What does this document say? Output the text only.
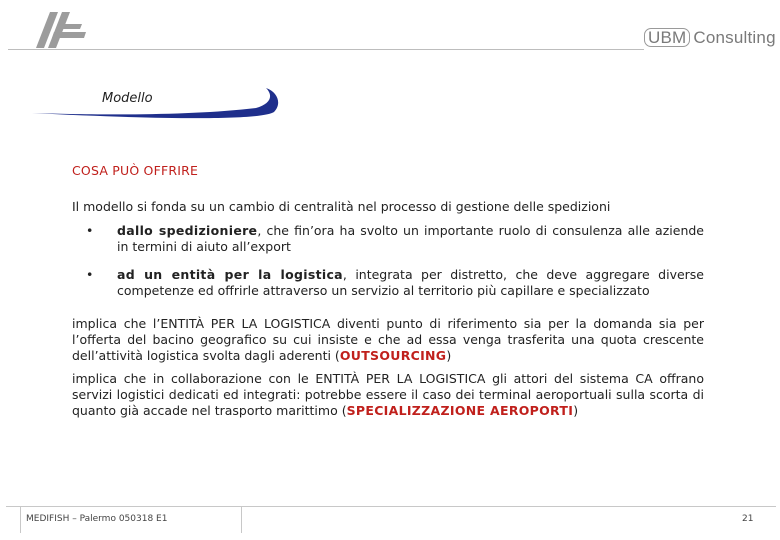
UBM Consulting
Modello
COSA PUÒ OFFRIRE
Il modello si fonda su un cambio di centralità nel processo di gestione delle spedizioni
•	dallo spedizioniere, che fin’ora ha svolto un importante ruolo di consulenza alle aziende in termini di aiuto all’export
•	ad un entità per la logistica, integrata per distretto, che deve aggregare diverse competenze ed offrirle attraverso un servizio al territorio più capillare e specializzato
implica che l’ENTITÀ PER LA LOGISTICA diventi punto di riferimento sia per la domanda sia per l’offerta del bacino geografico su cui insiste e che ad essa venga trasferita una quota crescente dell’attività logistica svolta dagli aderenti (OUTSOURCING)
implica che in collaborazione con le ENTITÀ PER LA LOGISTICA gli attori del sistema CA offrano servizi logistici dedicati ed integrati: potrebbe essere il caso dei terminal aeroportuali sulla scorta di quanto già accade nel trasporto marittimo (SPECIALIZZAZIONE AEROPORTI)
MEDIFISH – Palermo 050318 E1	21
